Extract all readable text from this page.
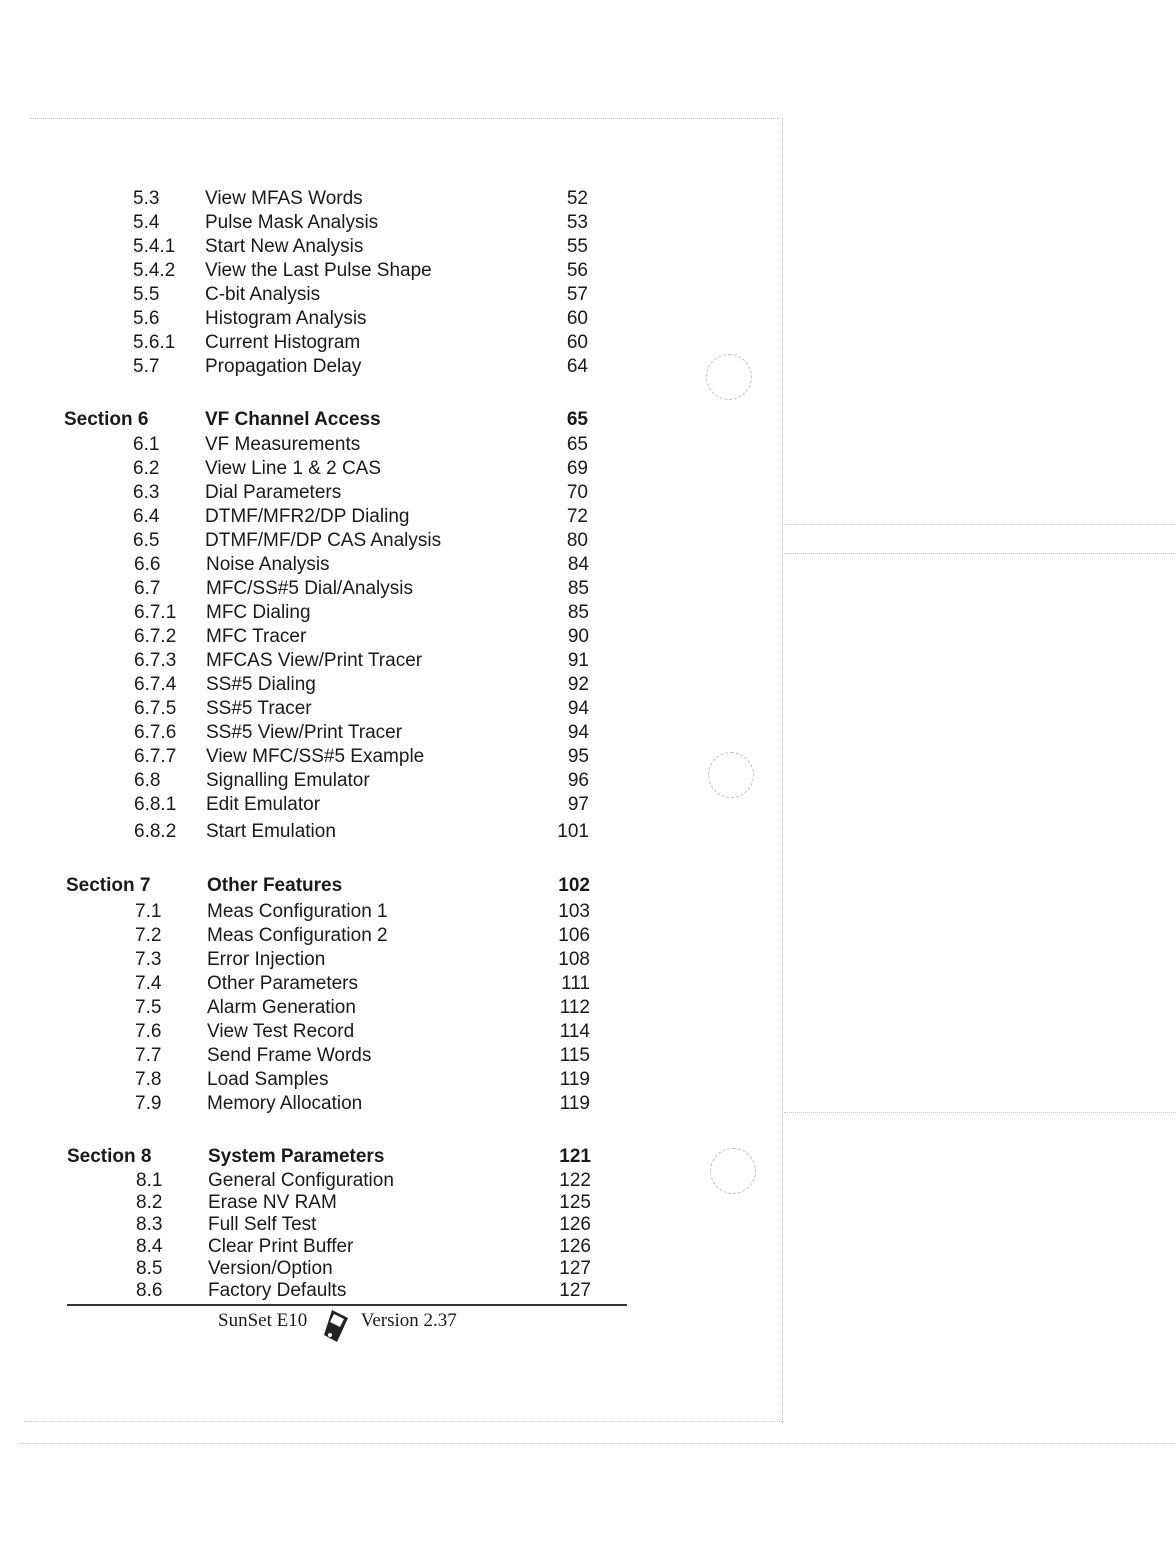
5.3 View MFAS Words	52
5.4 Pulse Mask Analysis	53
5.4.1 Start New Analysis	55
5.4.2 View the Last Pulse Shape	56
5.5 C-bit Analysis	57
5.6 Histogram Analysis	60
5.6.1 Current Histogram	60
5.7 Propagation Delay	64
Section 6	VF Channel Access	65
6.1 VF Measurements	65
6.2 View Line 1 & 2 CAS	69
6.3 Dial Parameters	70
6.4 DTMF/MFR2/DP Dialing	72
6.5 DTMF/MF/DP CAS Analysis	80
6.6 Noise Analysis	84
6.7 MFC/SS#5 Dial/Analysis	85
6.7.1 MFC Dialing	85
6.7.2 MFC Tracer	90
6.7.3 MFCAS View/Print Tracer	91
6.7.4 SS#5 Dialing	92
6.7.5 SS#5 Tracer	94
6.7.6 SS#5 View/Print Tracer	94
6.7.7 View MFC/SS#5 Example	95
6.8 Signalling Emulator	96
6.8.1 Edit Emulator	97
6.8.2 Start Emulation	101
Section 7	Other Features	102
7.1 Meas Configuration 1	103
7.2 Meas Configuration 2	106
7.3 Error Injection	108
7.4 Other Parameters	111
7.5 Alarm Generation	112
7.6 View Test Record	114
7.7 Send Frame Words	115
7.8 Load Samples	119
7.9 Memory Allocation	119
Section 8	System Parameters	121
8.1 General Configuration	122
8.2 Erase NV RAM	125
8.3 Full Self Test	126
8.4 Clear Print Buffer	126
8.5 Version/Option	127
8.6 Factory Defaults	127
SunSet E10	Version 2.37
